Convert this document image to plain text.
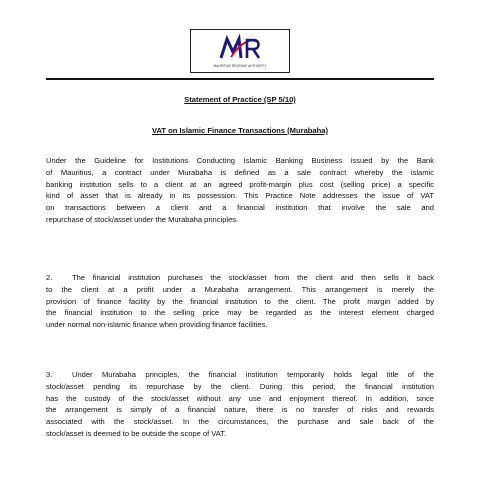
MAURITIUS REVENUE AUTHORITY
Statement of Practice (SP 5/10)
VAT on Islamic Finance Transactions (Murabaha)
Under the Guideline for Institutions Conducting Islamic Banking Business issued by the Bank
of Mauritius, a contract under Murabaha is defined as a sale contract whereby the islamic
banking institution sells to a client at an agreed profit-margin plus cost (selling price) a specific
kind of asset that is already in its possession. This Practice Note addresses the issue of VAT
on transactions between a client and a financial institution that involve the sale and
repurchase of stock/asset under the Murabaha principles.
2.	The financial institution purchases the stock/asset from the client and then sells it back
to the client at a profit under a Murabaha arrangement. This arrangement is merely the
provision of finance facility by the financial institution to the client. The profit margin added by
the financial institution to the selling price may be regarded as the interest element charged
under normal non-islamic finance when providing finance facilities.
3.	Under Murabaha principles, the financial institution temporarily holds legal title of the
stock/asset pending its repurchase by the client. During this period, the financial institution
has the custody of the stock/asset without any use and enjoyment thereof. In addition, since
the arrangement is simply of a financial nature, there is no transfer of risks and rewards
associated with the stock/asset. In the circumstances, the purchase and sale back of the
stock/asset is deemed to be outside the scope of VAT.
